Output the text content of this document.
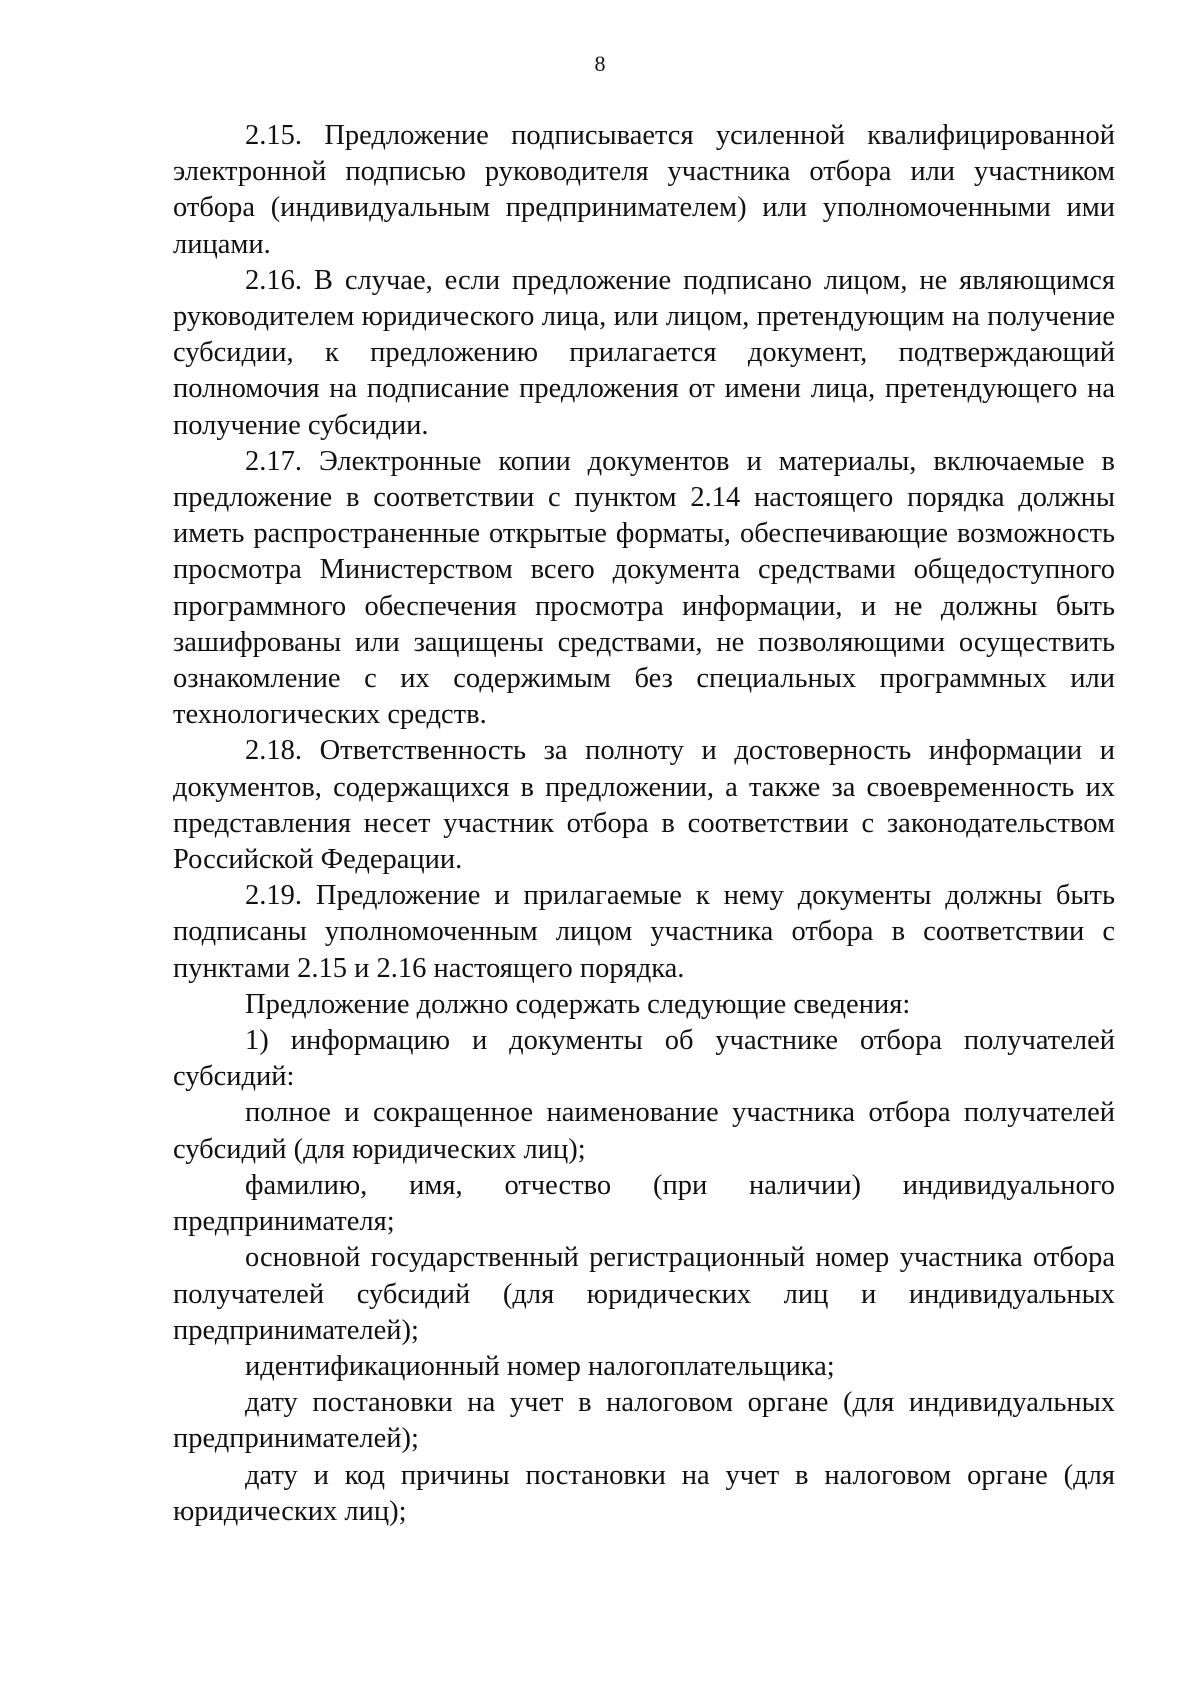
8

2.15. Предложение подписывается усиленной квалифицированной электронной подписью руководителя участника отбора или участником отбора (индивидуальным предпринимателем) или уполномоченными ими лицами.

2.16. В случае, если предложение подписано лицом, не являющимся руководителем юридического лица, или лицом, претендующим на получение субсидии, к предложению прилагается документ, подтверждающий полномочия на подписание предложения от имени лица, претендующего на получение субсидии.

2.17. Электронные копии документов и материалы, включаемые в предложение в соответствии с пунктом 2.14 настоящего порядка должны иметь распространенные открытые форматы, обеспечивающие возможность просмотра Министерством всего документа средствами общедоступного программного обеспечения просмотра информации, и не должны быть зашифрованы или защищены средствами, не позволяющими осуществить ознакомление с их содержимым без специальных программных или технологических средств.

2.18. Ответственность за полноту и достоверность информации и документов, содержащихся в предложении, а также за своевременность их представления несет участник отбора в соответствии с законодательством Российской Федерации.

2.19. Предложение и прилагаемые к нему документы должны быть подписаны уполномоченным лицом участника отбора в соответствии с пунктами 2.15 и 2.16 настоящего порядка.

Предложение должно содержать следующие сведения:

1) информацию и документы об участнике отбора получателей субсидий:

полное и сокращенное наименование участника отбора получателей субсидий (для юридических лиц);

фамилию, имя, отчество (при наличии) индивидуального предпринимателя;

основной государственный регистрационный номер участника отбора получателей субсидий (для юридических лиц и индивидуальных предпринимателей);

идентификационный номер налогоплательщика;

дату постановки на учет в налоговом органе (для индивидуальных предпринимателей);

дату и код причины постановки на учет в налоговом органе (для юридических лиц);
